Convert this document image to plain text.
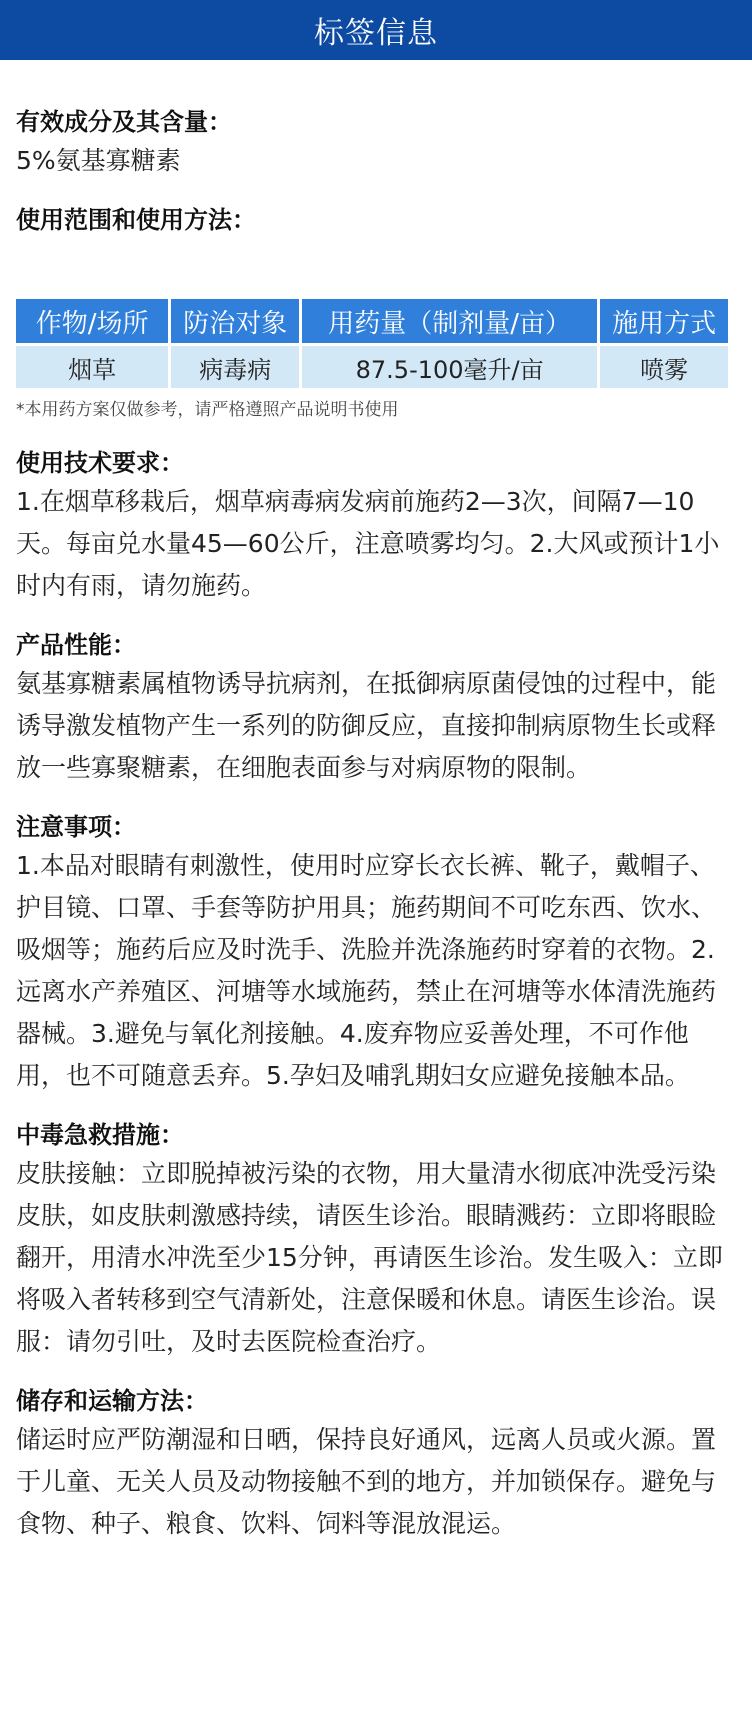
标签信息
有效成分及其含量：
5%氨基寡糖素
使用范围和使用方法：
作物/场所	防治对象	用药量（制剂量/亩）	施用方式
烟草	病毒病	87.5-100毫升/亩	喷雾
*本用药方案仅做参考，请严格遵照产品说明书使用
使用技术要求：
1.在烟草移栽后，烟草病毒病发病前施药2—3次，间隔7—10天。每亩兑水量45—60公斤，注意喷雾均匀。2.大风或预计1小时内有雨，请勿施药。
产品性能：
氨基寡糖素属植物诱导抗病剂，在抵御病原菌侵蚀的过程中，能诱导激发植物产生一系列的防御反应，直接抑制病原物生长或释放一些寡聚糖素，在细胞表面参与对病原物的限制。
注意事项：
1.本品对眼睛有刺激性，使用时应穿长衣长裤、靴子，戴帽子、护目镜、口罩、手套等防护用具；施药期间不可吃东西、饮水、吸烟等；施药后应及时洗手、洗脸并洗涤施药时穿着的衣物。2.远离水产养殖区、河塘等水域施药，禁止在河塘等水体清洗施药器械。3.避免与氧化剂接触。4.废弃物应妥善处理，不可作他用，也不可随意丢弃。5.孕妇及哺乳期妇女应避免接触本品。
中毒急救措施：
皮肤接触：立即脱掉被污染的衣物，用大量清水彻底冲洗受污染皮肤，如皮肤刺激感持续，请医生诊治。眼睛溅药：立即将眼睑翻开，用清水冲洗至少15分钟，再请医生诊治。发生吸入：立即将吸入者转移到空气清新处，注意保暖和休息。请医生诊治。误服：请勿引吐，及时去医院检查治疗。
储存和运输方法：
储运时应严防潮湿和日晒，保持良好通风，远离人员或火源。置于儿童、无关人员及动物接触不到的地方，并加锁保存。避免与食物、种子、粮食、饮料、饲料等混放混运。
